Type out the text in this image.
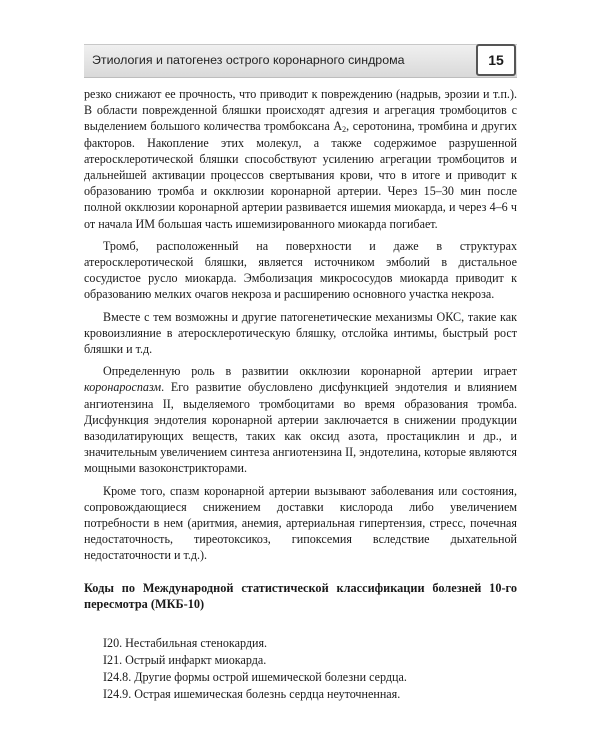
Этиология и патогенез острого коронарного синдрома	15

резко снижают ее прочность, что приводит к повреждению (надрыв, эрозии и т.п.). В области поврежденной бляшки происходят адгезия и агрегация тромбоцитов с выделением большого количества тромбоксана $A_2$, серотонина, тромбина и других факторов. Накопление этих молекул, а также содержимое разрушенной атеросклеротической бляшки способствуют усилению агрегации тромбоцитов и дальнейшей активации процессов свертывания крови, что в итоге и приводит к образованию тромба и окклюзии коронарной артерии. Через 15–30 мин после полной окклюзии коронарной артерии развивается ишемия миокарда, и через 4–6 ч от начала ИМ большая часть ишемизированного миокарда погибает.

Тромб, расположенный на поверхности и даже в структурах атеросклеротической бляшки, является источником эмболий в дистальное сосудистое русло миокарда. Эмболизация микрососудов миокарда приводит к образованию мелких очагов некроза и расширению основного участка некроза.

Вместе с тем возможны и другие патогенетические механизмы ОКС, такие как кровоизлияние в атеросклеротическую бляшку, отслойка интимы, быстрый рост бляшки и т.д.

Определенную роль в развитии окклюзии коронарной артерии играет коронароспазм. Его развитие обусловлено дисфункцией эндотелия и влиянием ангиотензина II, выделяемого тромбоцитами во время образования тромба. Дисфункция эндотелия коронарной артерии заключается в снижении продукции вазодилатирующих веществ, таких как оксид азота, простациклин и др., и значительным увеличением синтеза ангиотензина II, эндотелина, которые являются мощными вазоконстрикторами.

Кроме того, спазм коронарной артерии вызывают заболевания или состояния, сопровождающиеся снижением доставки кислорода либо увеличением потребности в нем (аритмия, анемия, артериальная гипертензия, стресс, почечная недостаточность, тиреотоксикоз, гипоксемия вследствие дыхательной недостаточности и т.д.).

Коды по Международной статистической классификации болезней 10-го пересмотра (МКБ-10)
I20. Нестабильная стенокардия.
I21. Острый инфаркт миокарда.
I24.8. Другие формы острой ишемической болезни сердца.
I24.9. Острая ишемическая болезнь сердца неуточненная.
